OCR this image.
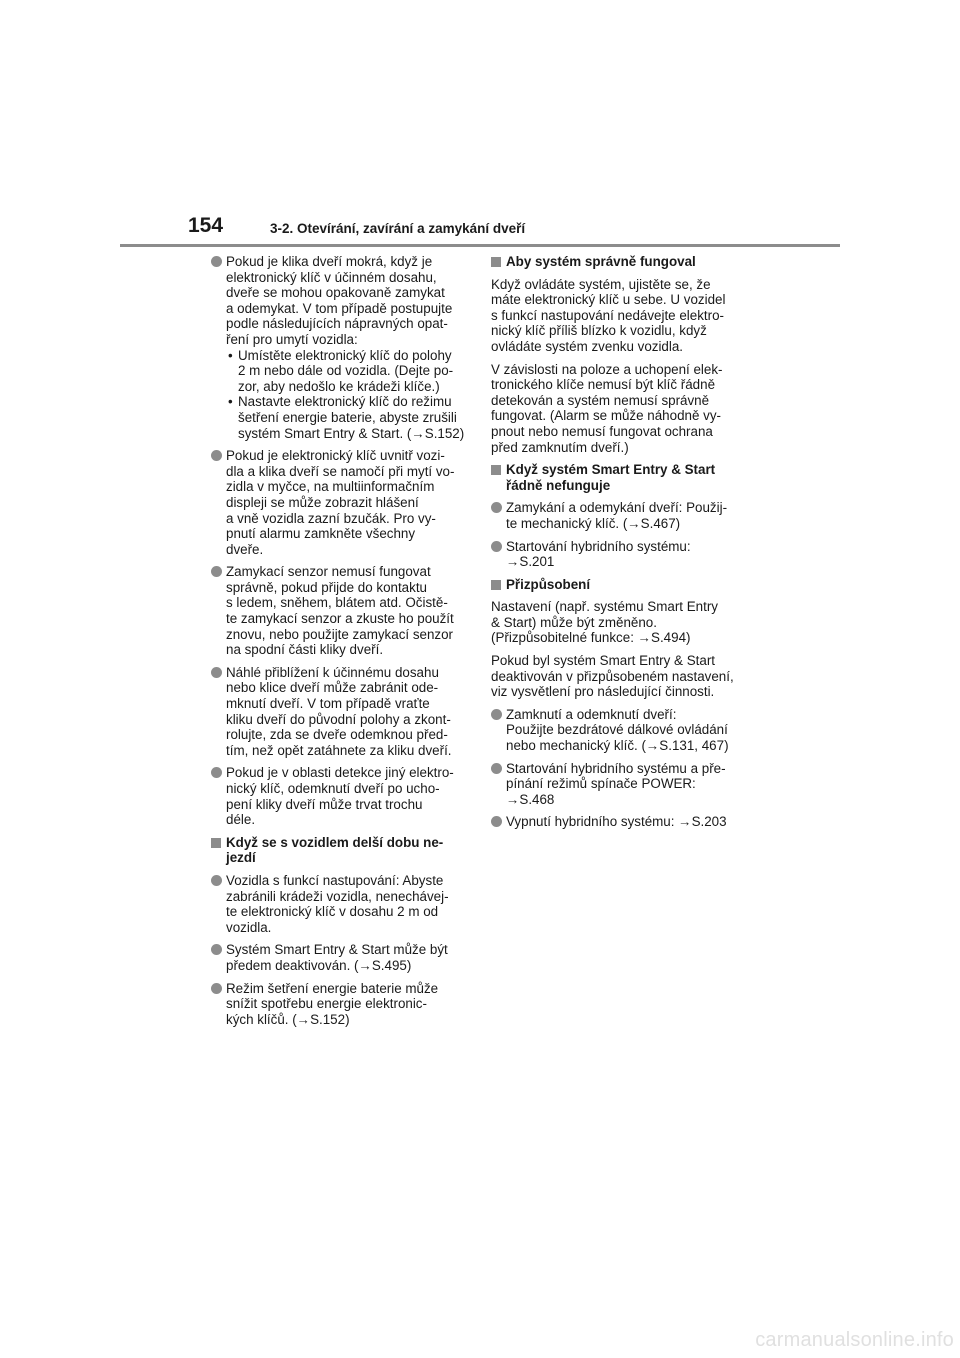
154	3-2. Otevírání, zavírání a zamykání dveří
Pokud je klika dveří mokrá, když je
elektronický klíč v účinném dosahu,
dveře se mohou opakovaně zamykat
a odemykat. V tom případě postupujte
podle následujících nápravných opat-
ření pro umytí vozidla:
• Umístěte elektronický klíč do polohy
2 m nebo dále od vozidla. (Dejte po-
zor, aby nedošlo ke krádeži klíče.)
• Nastavte elektronický klíč do režimu
šetření energie baterie, abyste zrušili
systém Smart Entry & Start. (→S.152)
Pokud je elektronický klíč uvnitř vozi-
dla a klika dveří se namočí při mytí vo-
zidla v myčce, na multiinformačním
displeji se může zobrazit hlášení
a vně vozidla zazní bzučák. Pro vy-
pnutí alarmu zamkněte všechny
dveře.
Zamykací senzor nemusí fungovat
správně, pokud přijde do kontaktu
s ledem, sněhem, blátem atd. Očistě-
te zamykací senzor a zkuste ho použít
znovu, nebo použijte zamykací senzor
na spodní části kliky dveří.
Náhlé přiblížení k účinnému dosahu
nebo klice dveří může zabránit ode-
mknutí dveří. V tom případě vraťte
kliku dveří do původní polohy a zkont-
rolujte, zda se dveře odemknou před-
tím, než opět zatáhnete za kliku dveří.
Pokud je v oblasti detekce jiný elektro-
nický klíč, odemknutí dveří po ucho-
pení kliky dveří může trvat trochu
déle.
Když se s vozidlem delší dobu ne-
jezdí
Vozidla s funkcí nastupování: Abyste
zabránili krádeži vozidla, nenechávej-
te elektronický klíč v dosahu 2 m od
vozidla.
Systém Smart Entry & Start může být
předem deaktivován. (→S.495)
Režim šetření energie baterie může
snížit spotřebu energie elektronic-
kých klíčů. (→S.152)
Aby systém správně fungoval
Když ovládáte systém, ujistěte se, že
máte elektronický klíč u sebe. U vozidel
s funkcí nastupování nedávejte elektro-
nický klíč příliš blízko k vozidlu, když
ovládáte systém zvenku vozidla.
V závislosti na poloze a uchopení elek-
tronického klíče nemusí být klíč řádně
detekován a systém nemusí správně
fungovat. (Alarm se může náhodně vy-
pnout nebo nemusí fungovat ochrana
před zamknutím dveří.)
Když systém Smart Entry & Start
řádně nefunguje
Zamykání a odemykání dveří: Použij-
te mechanický klíč. (→S.467)
Startování hybridního systému:
→S.201
Přizpůsobení
Nastavení (např. systému Smart Entry
& Start) může být změněno.
(Přizpůsobitelné funkce: →S.494)
Pokud byl systém Smart Entry & Start
deaktivován v přizpůsobeném nastavení,
viz vysvětlení pro následující činnosti.
Zamknutí a odemknutí dveří:
Použijte bezdrátové dálkové ovládání
nebo mechanický klíč. (→S.131, 467)
Startování hybridního systému a pře-
pínání režimů spínače POWER:
→S.468
Vypnutí hybridního systému: →S.203
carmanualsonline.info
